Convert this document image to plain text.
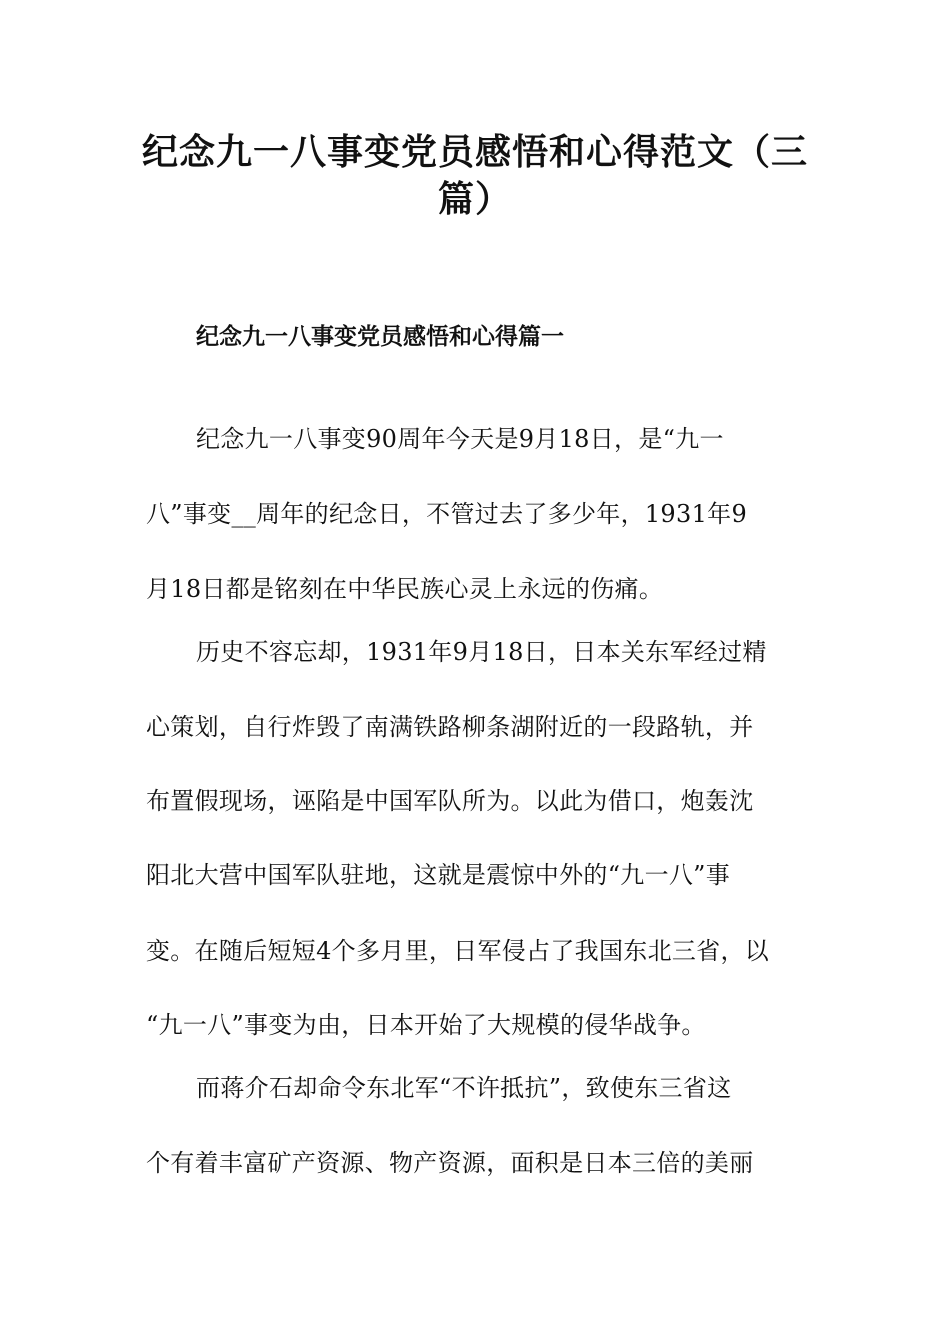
纪念九一八事变党员感悟和心得范文（三
篇）
纪念九一八事变党员感悟和心得篇一
纪念九一八事变90周年今天是9月18日，是“九一
八”事变__周年的纪念日，不管过去了多少年，1931年9
月18日都是铭刻在中华民族心灵上永远的伤痛。
历史不容忘却，1931年9月18日，日本关东军经过精
心策划，自行炸毁了南满铁路柳条湖附近的一段路轨，并
布置假现场，诬陷是中国军队所为。以此为借口，炮轰沈
阳北大营中国军队驻地，这就是震惊中外的“九一八”事
变。在随后短短4个多月里，日军侵占了我国东北三省，以
“九一八”事变为由，日本开始了大规模的侵华战争。
而蒋介石却命令东北军“不许抵抗”，致使东三省这
个有着丰富矿产资源、物产资源，面积是日本三倍的美丽
